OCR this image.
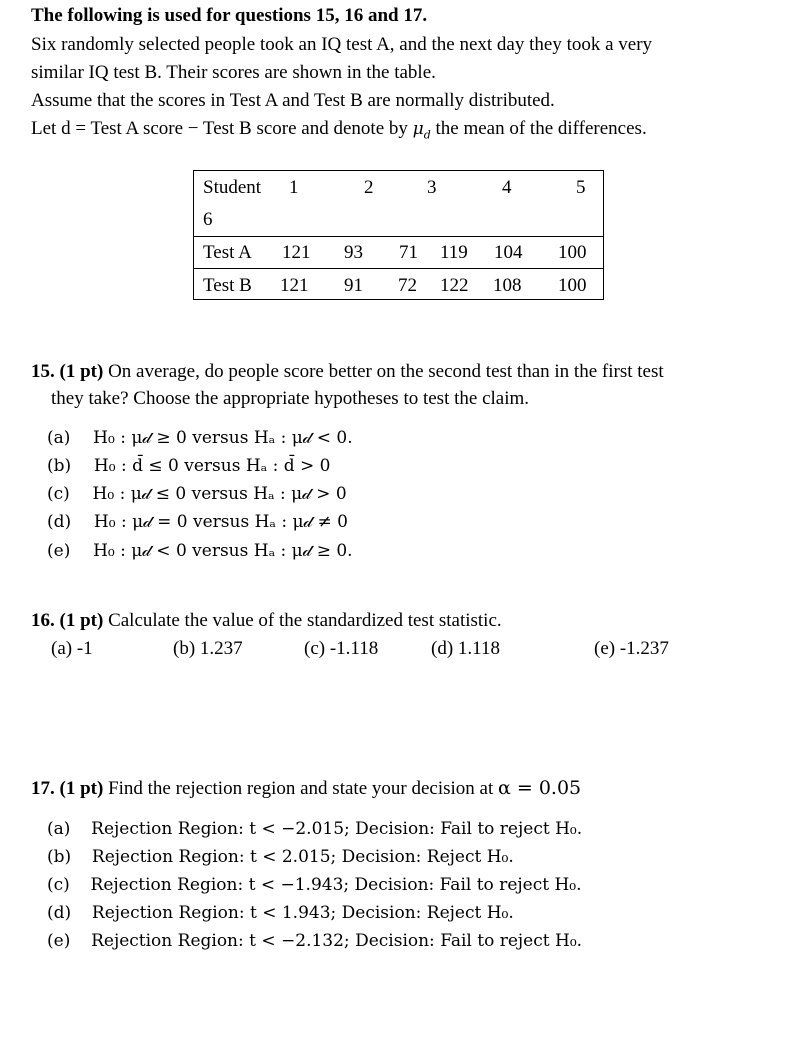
The following is used for questions 15, 16 and 17.
Six randomly selected people took an IQ test A, and the next day they took a very
similar IQ test B. Their scores are shown in the table.
Assume that the scores in Test A and Test B are normally distributed.
Let d = Test A score − Test B score and denote by $\mu_d$ the mean of the differences.
Student 1	2	3	4	5
6
Test A 121 93 71 119 104 100
Test B 121 91 72 122 108 100
15. (1 pt) On average, do people score better on the second test than in the first test
they take? Choose the appropriate hypotheses to test the claim.
(a) H₀ : μ𝒹 ≥ 0 versus Hₐ : μ𝒹 < 0.
(b) H₀ : d̄ ≤ 0 versus Hₐ : d̄ > 0
(c) H₀ : μ𝒹 ≤ 0 versus Hₐ : μ𝒹 > 0
(d) H₀ : μ𝒹 = 0 versus Hₐ : μ𝒹 ≠ 0
(e) H₀ : μ𝒹 < 0 versus Hₐ : μ𝒹 ≥ 0.
16. (1 pt) Calculate the value of the standardized test statistic.
(a) -1	(b) 1.237	(c) -1.118	(d) 1.118	(e) -1.237
17. (1 pt) Find the rejection region and state your decision at α = 0.05
(a) Rejection Region: t < −2.015; Decision: Fail to reject H₀.
(b) Rejection Region: t < 2.015; Decision: Reject H₀.
(c) Rejection Region: t < −1.943; Decision: Fail to reject H₀.
(d) Rejection Region: t < 1.943; Decision: Reject H₀.
(e) Rejection Region: t < −2.132; Decision: Fail to reject H₀.
